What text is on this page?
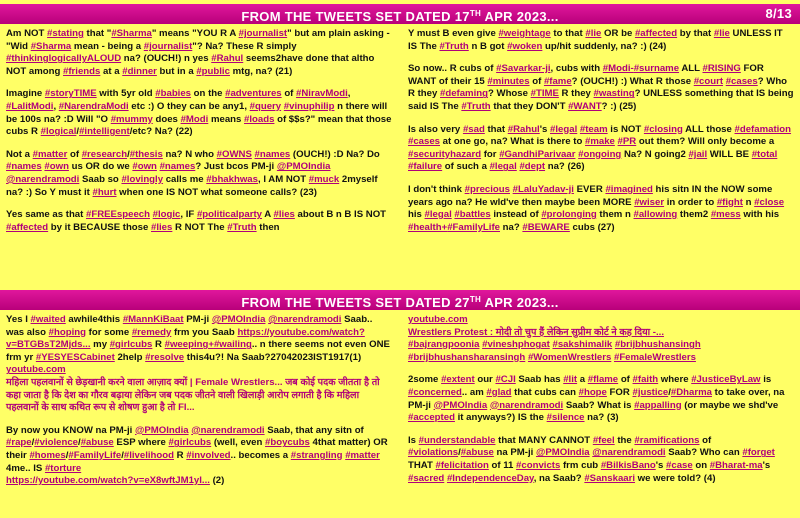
FROM THE TWEETS SET DATED 17TH APR 2023...	8/13

Am NOT #stating that "#Sharma" means "YOU R A #journalist" but am plain asking - "Wid #Sharma mean - being a #journalist"? Na? These R simply #thinkinglogicallyALOUD na? (OUCH!) n yes #Rahul seems2have done that altho NOT among #friends at a #dinner but in a #public mtg, na? (21)

Imagine #storyTIME with 5yr old #babies on the #adventures of #NiravModi, #LalitModi, #NarendraModi etc :) O they can be any1, #query #vinuphilip n there will be 100s na? :D Will "O #mummy does #Modi means #loads of $$s?" mean that those cubs R #logical/#intelligent/etc? Na? (22)

Not a #matter of #research/#thesis na? N who #OWNS #names (OUCH!) :D Na? Do #names #own us OR do we #own #names? Just bcos PM-ji @PMOIndia @narendramodi Saab so #lovingly calls me #bhakhwas, I AM NOT #muck 2myself na? :) So Y must it #hurt when one IS NOT what someone calls? (23)

Yes same as that #FREEspeech #logic, IF #politicalparty A #lies about B n B IS NOT #affected by it BECAUSE those #lies R NOT The #Truth then

Y must B even give #weightage to that #lie OR be #affected by that #lie UNLESS IT IS The #Truth n B got #woken up/hit suddenly, na? :) (24)

So now.. R cubs of #Savarkar-ji, cubs with #Modi-#surname ALL #RISING FOR WANT of their 15 #minutes of #fame? (OUCH!) :) What R those #court #cases? Who R they #defaming? Whose #TIME R they #wasting? UNLESS something that IS being said IS The #Truth that they DON'T #WANT? :) (25)

Is also very #sad that #Rahul's #legal #team is NOT #closing ALL those #defamation #cases at one go, na? What is there to #make #PR out them? Will only become a #securityhazard for #GandhiParivaar #ongoing Na? N going2 #jail WILL BE #total #failure of such a #legal #dept na? (26)

I don't think #precious #LaluYadav-ji EVER #imagined his sitn IN the NOW some years ago na? He wld've then maybe been MORE #wiser in order to #fight n #close his #legal #battles instead of #prolonging them n #allowing them2 #mess with his #health+#FamilyLife na? #BEWARE cubs (27)

FROM THE TWEETS SET DATED 27TH APR 2023...

Yes I #waited awhile4this #MannKiBaat PM-ji @PMOIndia @narendramodi Saab.. was also #hoping for some #remedy frm you Saab https://youtube.com/watch?v=BTGBsT2Mjds... my #girlcubs R #weeping+#wailing.. n there seems not even ONE frm yr #YESYESCabinet 2help #resolve this4u?! Na Saab?27042023IST1917(1)
youtube.com
महिला पहलवानों से छेड़खानी करने वाला आज़ाद क्यों | Female Wrestlers... जब कोई पदक जीतता है तो कहा जाता है कि देश का गौरव बढ़ाया लेकिन जब पदक जीतने वाली खिलाड़ी आरोप लगाती है कि महिला पहलवानों के साथ कथित रूप से शोषण हुआ है तो FI...

By now you KNOW na PM-ji @PMOIndia @narendramodi Saab, that any sitn of #rape/#violence/#abuse ESP where #girlcubs (well, even #boycubs 4that matter) OR their #homes/#FamilyLife/#livelihood R #involved.. becomes a #strangling #matter 4me.. IS #torture
https://youtube.com/watch?v=eX8wftJM1yI... (2)

youtube.com
Wrestlers Protest : मोदी तो चुप हैं लेकिन सुप्रीम कोर्ट ने कह दिया -...
#bajrangpoonia #vineshphogat #sakshimalik #brijbhushansingh #brijbhushansharansingh #WomenWrestlers #FemaleWrestlers

2some #extent our #CJI Saab has #lit a #flame of #faith where #JusticeByLaw is #concerned.. am #glad that cubs can #hope FOR #justice/#Dharma to take over, na PM-ji @PMOIndia @narendramodi Saab? What is #appalling (or maybe we shd've #accepted it anyways?) IS the #silence na? (3)

Is #understandable that MANY CANNOT #feel the #ramifications of #violations/#abuse na PM-ji @PMOIndia @narendramodi Saab? Who can #forget THAT #felicitation of 11 #convicts frm cub #BilkisBano's #case on #Bharat-ma's #sacred #IndependenceDay, na Saab? #Sanskaari we were told? (4)
